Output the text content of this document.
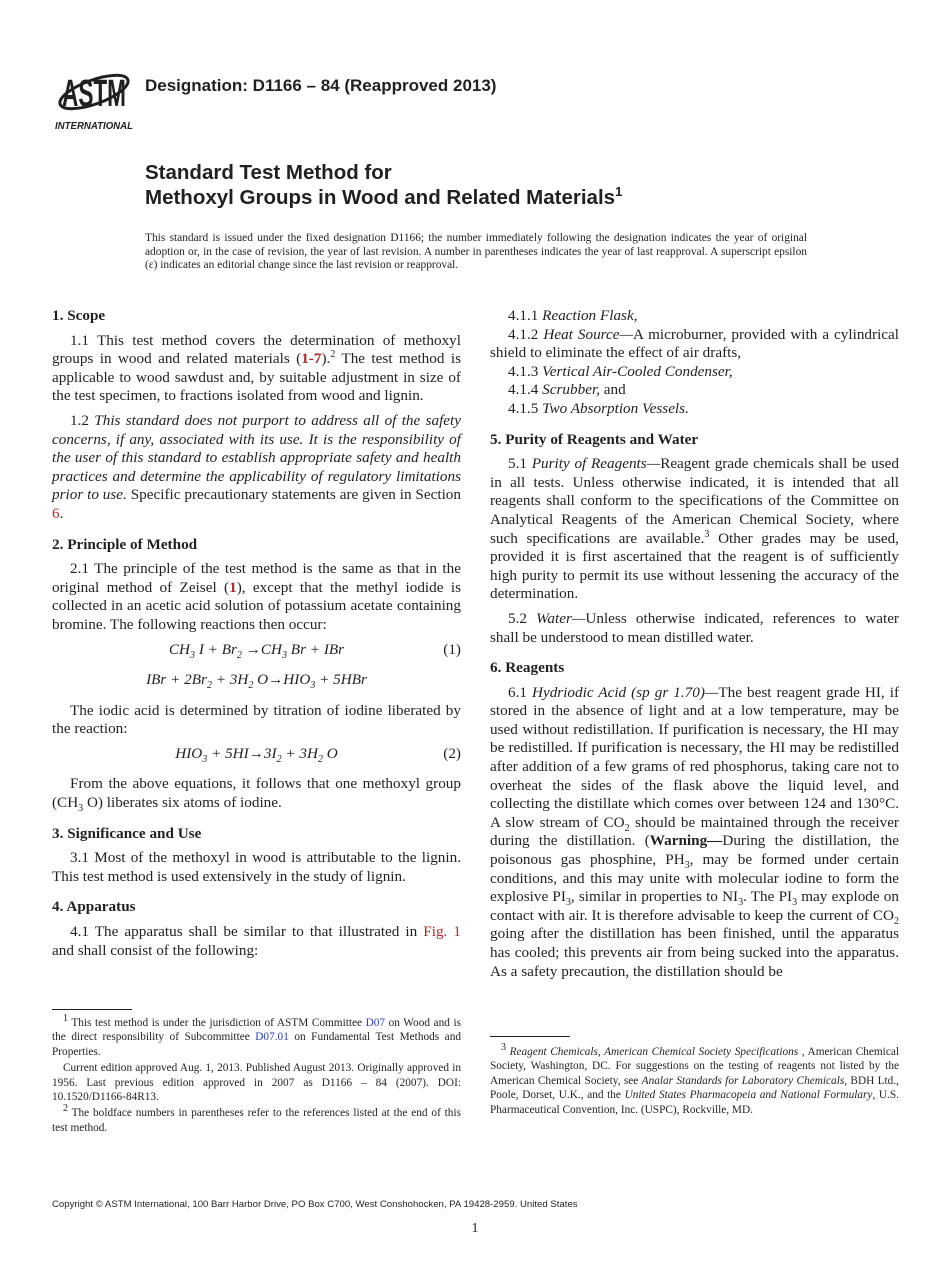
ASTM
INTERNATIONAL
Designation: D1166 – 84 (Reapproved 2013)
Standard Test Method for
Methoxyl Groups in Wood and Related Materials$^1$
This standard is issued under the fixed designation D1166; the number immediately following the designation indicates the year of original adoption or, in the case of revision, the year of last revision. A number in parentheses indicates the year of last reapproval. A superscript epsilon (ε) indicates an editorial change since the last revision or reapproval.
1. Scope
1.1 This test method covers the determination of methoxyl groups in wood and related materials (1-7).$^2$ The test method is applicable to wood sawdust and, by suitable adjustment in size of the test specimen, to fractions isolated from wood and lignin.
1.2 This standard does not purport to address all of the safety concerns, if any, associated with its use. It is the responsibility of the user of this standard to establish appropriate safety and health practices and determine the applicability of regulatory limitations prior to use. Specific precautionary statements are given in Section 6.
2. Principle of Method
2.1 The principle of the test method is the same as that in the original method of Zeisel (1), except that the methyl iodide is collected in an acetic acid solution of potassium acetate containing bromine. The following reactions then occur:
$CH_3$ $I + Br_2 \to CH_3$ Br + IBr	(1)
IBr + $2Br_2 + 3H_2$ $O\to HIO_3 + 5HBr$
The iodic acid is determined by titration of iodine liberated by the reaction:
$HIO_3 + 5HI\to 3I_2 + 3H_2$ O	(2)
From the above equations, it follows that one methoxyl group ($CH_3$ O) liberates six atoms of iodine.
3. Significance and Use
3.1 Most of the methoxyl in wood is attributable to the lignin. This test method is used extensively in the study of lignin.
4. Apparatus
4.1 The apparatus shall be similar to that illustrated in Fig. 1 and shall consist of the following:
4.1.1 Reaction Flask,
4.1.2 Heat Source—A microburner, provided with a cylindrical shield to eliminate the effect of air drafts,
4.1.3 Vertical Air-Cooled Condenser,
4.1.4 Scrubber, and
4.1.5 Two Absorption Vessels.
5. Purity of Reagents and Water
5.1 Purity of Reagents—Reagent grade chemicals shall be used in all tests. Unless otherwise indicated, it is intended that all reagents shall conform to the specifications of the Committee on Analytical Reagents of the American Chemical Society, where such specifications are available.$^3$ Other grades may be used, provided it is first ascertained that the reagent is of sufficiently high purity to permit its use without lessening the accuracy of the determination.
5.2 Water—Unless otherwise indicated, references to water shall be understood to mean distilled water.
6. Reagents
6.1 Hydriodic Acid (sp gr 1.70)—The best reagent grade HI, if stored in the absence of light and at a low temperature, may be used without redistillation. If purification is necessary, the HI may be redistilled. If purification is necessary, the HI may be redistilled after addition of a few grams of red phosphorus, taking care not to overheat the sides of the flask above the liquid level, and collecting the distillate which comes over between 124 and 130°C. A slow stream of $CO_2$ should be maintained through the receiver during the distillation. (Warning—During the distillation, the poisonous gas phosphine, $PH_3$, may be formed under certain conditions, and this may unite with molecular iodine to form the explosive $PI_3$, similar in properties to $NI_3$. The $PI_3$ may explode on contact with air. It is therefore advisable to keep the current of $CO_2$ going after the distillation has been finished, until the apparatus has cooled; this prevents air from being sucked into the apparatus. As a safety precaution, the distillation should be
$^1$ This test method is under the jurisdiction of ASTM Committee D07 on Wood and is the direct responsibility of Subcommittee D07.01 on Fundamental Test Methods and Properties.
Current edition approved Aug. 1, 2013. Published August 2013. Originally approved in 1956. Last previous edition approved in 2007 as D1166 – 84 (2007). DOI: 10.1520/D1166-84R13.
$^2$ The boldface numbers in parentheses refer to the references listed at the end of this test method.
$^3$ Reagent Chemicals, American Chemical Society Specifications , American Chemical Society, Washington, DC. For suggestions on the testing of reagents not listed by the American Chemical Society, see Analar Standards for Laboratory Chemicals, BDH Ltd., Poole, Dorset, U.K., and the United States Pharmacopeia and National Formulary, U.S. Pharmaceutical Convention, Inc. (USPC), Rockville, MD.
Copyright © ASTM International, 100 Barr Harbor Drive, PO Box C700, West Conshohocken, PA 19428-2959. United States
1
